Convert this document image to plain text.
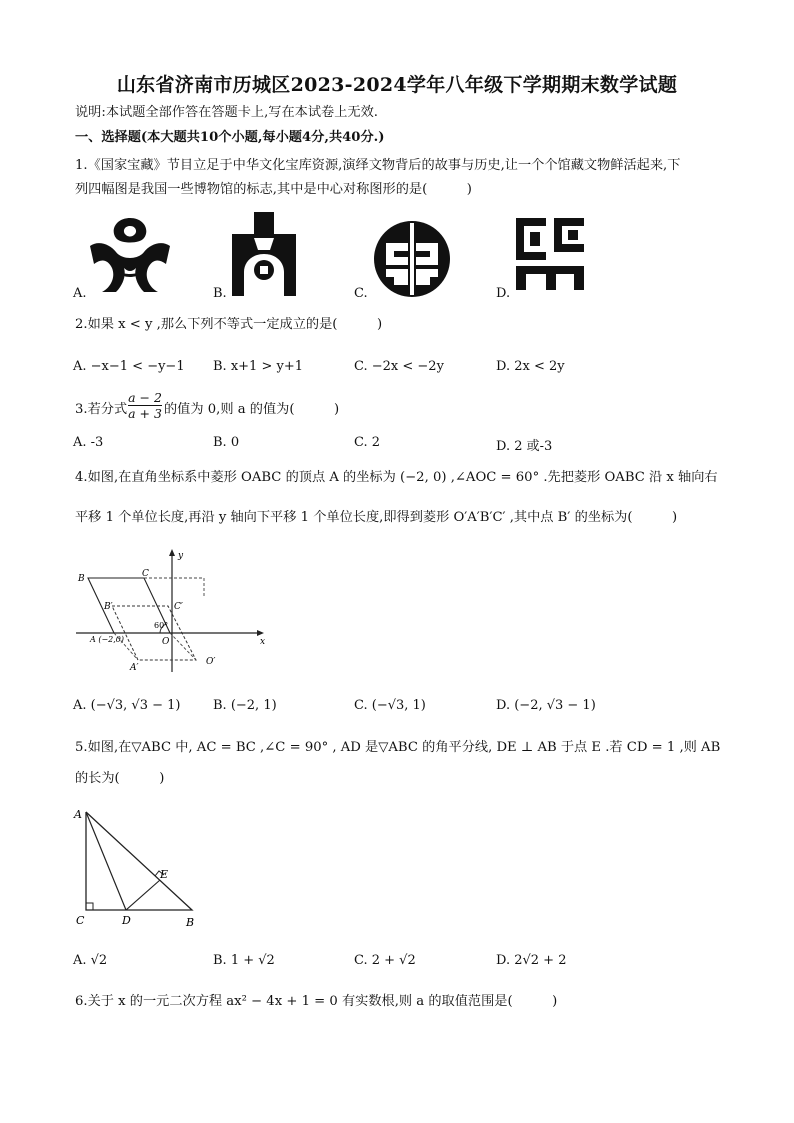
山东省济南市历城区2023-2024学年八年级下学期期末数学试题
说明:本试题全部作答在答题卡上,写在本试卷上无效.
一、选择题(本大题共10个小题,每小题4分,共40分.)
1.《国家宝藏》节目立足于中华文化宝库资源,演绎文物背后的故事与历史,让一个个馆藏文物鲜活起来,下
列四幅图是我国一些博物馆的标志,其中是中心对称图形的是(　　　)
A.	B.	C.	D.
2.如果 x < y ,那么下列不等式一定成立的是(　　　)
A. −x−1 < −y−1 B. x+1 > y+1	C. −2x < −2y	D. 2x < 2y
3.若分式 $\frac{a - 2}{a + 3}$ 的值为 0,则 a 的值为(　　　)
A. -3	B. 0	C. 2	D. 2 或-3
4.如图,在直角坐标系中菱形 OABC 的顶点 A 的坐标为 (−2, 0) ,∠AOC = 60° .先把菱形 OABC 沿 x 轴向右
平移 1 个单位长度,再沿 y 轴向下平移 1 个单位长度,即得到菱形 O′A′B′C′ ,其中点 B′ 的坐标为(　　　)
B	C
B′	C′
A (−2,0)	O
O′
A′
60°
x
y
A. (−√3, √3 − 1)	B. (−2, 1)	C. (−√3, 1)	D. (−2, √3 − 1)
5.如图,在▽ABC 中, AC = BC ,∠C = 90° , AD 是▽ABC 的角平分线, DE ⊥ AB 于点 E .若 CD = 1 ,则 AB
的长为(　　　)
A
C	D	B
E
A. √2	B. 1 + √2	C. 2 + √2	D. 2√2 + 2
6.关于 x 的一元二次方程 ax² − 4x + 1 = 0 有实数根,则 a 的取值范围是(　　　)
